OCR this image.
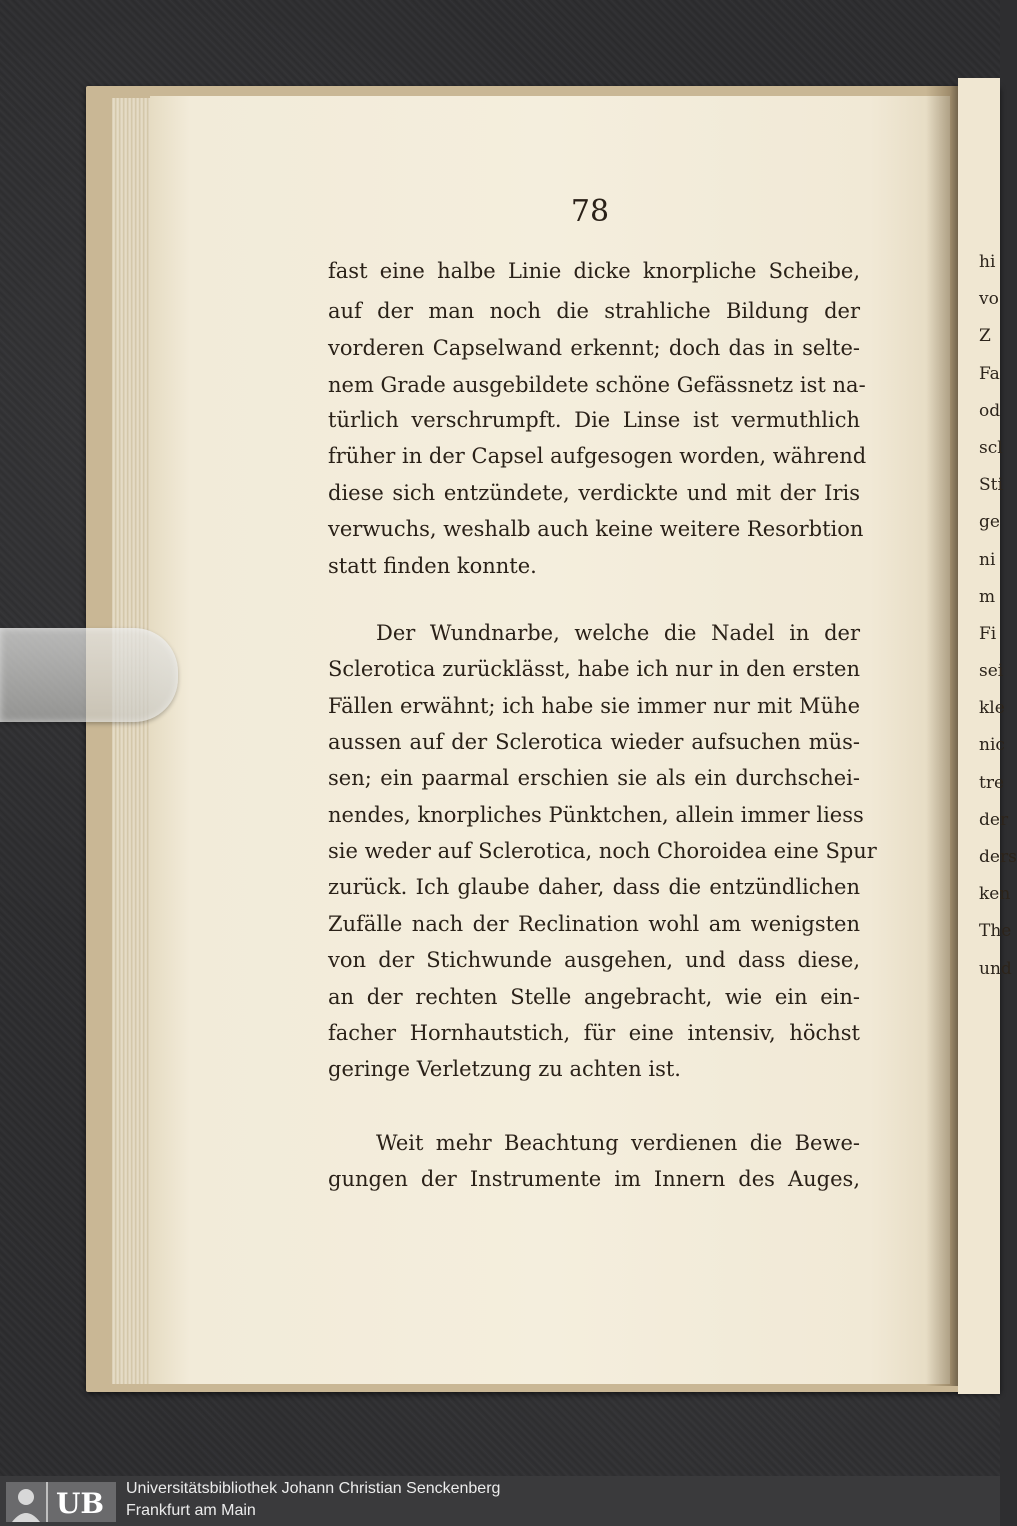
hi
vo
Z
Fa
od
scl
Sti
ge
ni
m
Fi
sei
kle
nic
tre
der
ders
ken
The
und
78
fast eine halbe Linie dicke knorpliche Scheibe,
auf der man noch die strahliche Bildung der
vorderen Capselwand erkennt; doch das in selte-
nem Grade ausgebildete schöne Gefässnetz ist na-
türlich verschrumpft. Die Linse ist vermuthlich
früher in der Capsel aufgesogen worden, während
diese sich entzündete, verdickte und mit der Iris
verwuchs, weshalb auch keine weitere Resorbtion
statt finden konnte.
Der Wundnarbe, welche die Nadel in der
Sclerotica zurücklässt, habe ich nur in den ersten
Fällen erwähnt; ich habe sie immer nur mit Mühe
aussen auf der Sclerotica wieder aufsuchen müs-
sen; ein paarmal erschien sie als ein durchschei-
nendes, knorpliches Pünktchen, allein immer liess
sie weder auf Sclerotica, noch Choroidea eine Spur
zurück. Ich glaube daher, dass die entzündlichen
Zufälle nach der Reclination wohl am wenigsten
von der Stichwunde ausgehen, und dass diese,
an der rechten Stelle angebracht, wie ein ein-
facher Hornhautstich, für eine intensiv, höchst
geringe Verletzung zu achten ist.
Weit mehr Beachtung verdienen die Bewe-
gungen der Instrumente im Innern des Auges,
UB Universitätsbibliothek Johann Christian Senckenberg
Frankfurt am Main
